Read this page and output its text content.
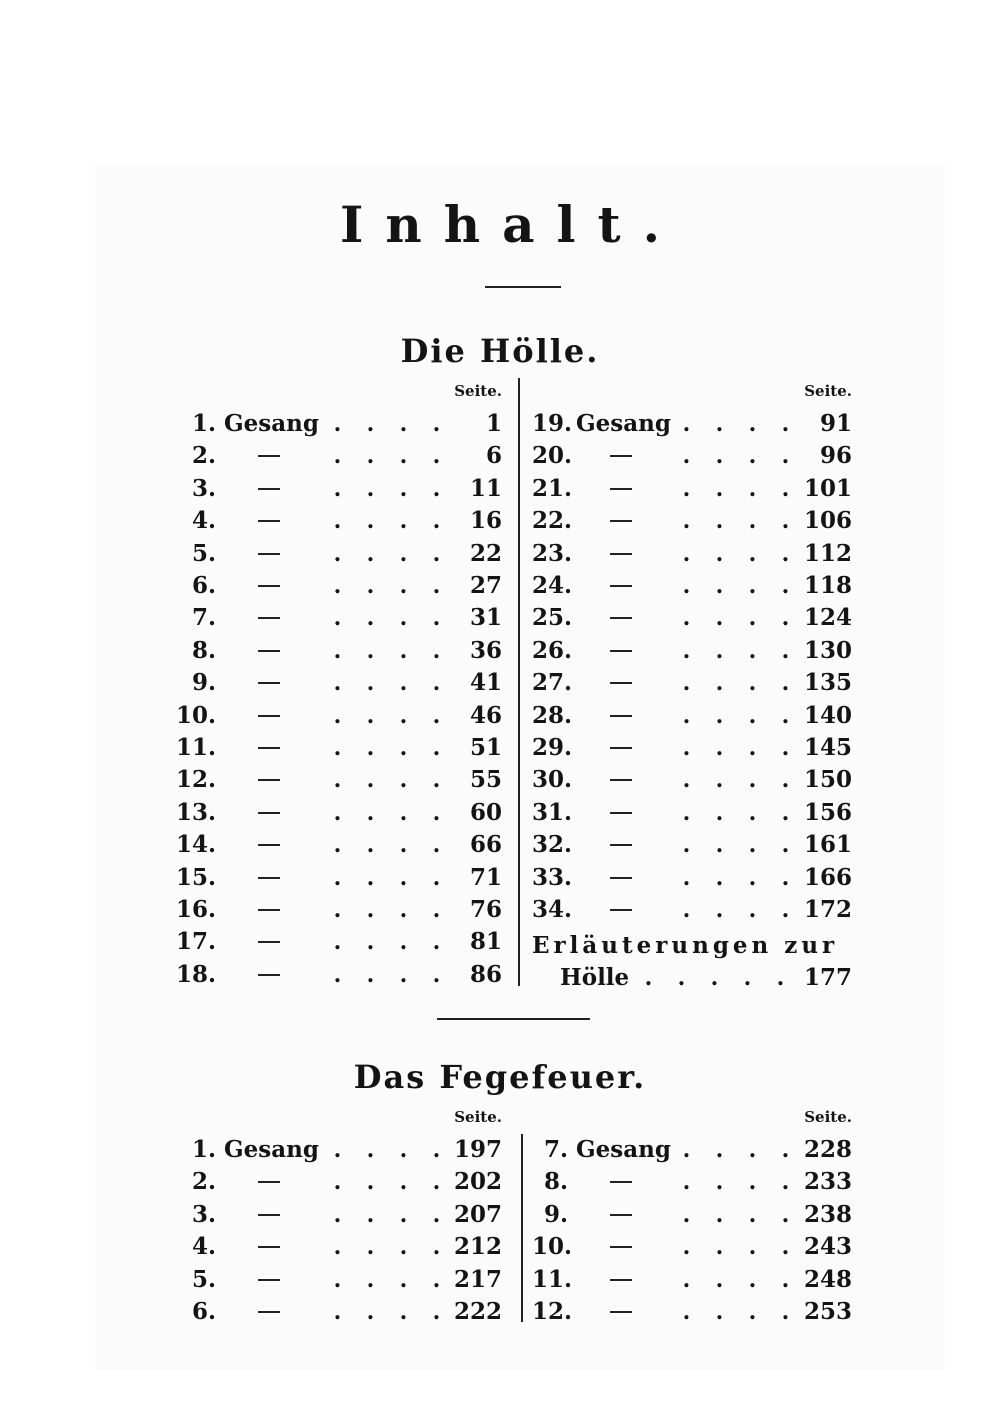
Inhalt.
Die Hölle.
Seite.	Seite.
1. Gesang . . . .	1
2.	. . . .	6
3.	. . . .	11
4.	. . . .	16
5.	. . . .	22
6.	. . . .	27
7.	. . . .	31
8.	. . . .	36
9.	. . . .	41
10.	. . . .	46
11.	. . . .	51
12.	. . . .	55
13.	. . . .	60
14.	. . . .	66
15.	. . . .	71
16.	. . . .	76
17.	. . . .	81
18.	. . . .	86
Erläuterungen zur
Hölle . . . . . 177
19. Gesang . . . .	91
20.	. . . .	96
21.	. . . . 101
22.	. . . . 106
23.	. . . . 112
24.	. . . . 118
25.	. . . . 124
26.	. . . . 130
27.	. . . . 135
28.	. . . . 140
29.	. . . . 145
30.	. . . . 150
31.	. . . . 156
32.	. . . . 161
33.	. . . . 166
34.	. . . . 172
Das Fegefeuer.
Seite.	Seite.
1. Gesang . . . . 197
2.	. . . . 202
3.	. . . . 207
4.	. . . . 212
5.	. . . . 217
6.	. . . . 222
7. Gesang . . . . 228
8.	. . . . 233
9.	. . . . 238
10.	. . . . 243
11.	. . . . 248
12.	. . . . 253
